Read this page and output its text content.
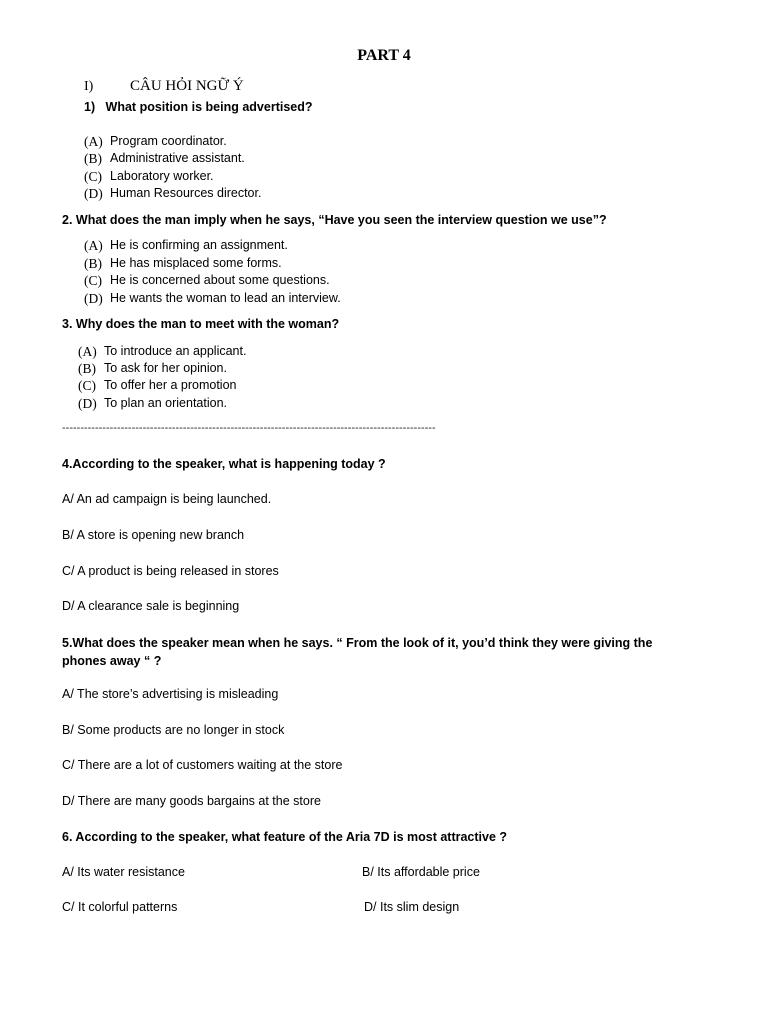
PART 4
I) CÂU HỎI NGỮ Ý
1) What position is being advertised?
(A) Program coordinator.
(B) Administrative assistant.
(C) Laboratory worker.
(D) Human Resources director.
2. What does the man imply when he says, “Have you seen the interview question we use”?
(A) He is confirming an assignment.
(B) He has misplaced some forms.
(C) He is concerned about some questions.
(D) He wants the woman to lead an interview.
3. Why does the man to meet with the woman?
(A) To introduce an applicant.
(B) To ask for her opinion.
(C) To offer her a promotion
(D) To plan an orientation.
------------------------------------------------------------------------------------------------------
4.According to the speaker, what is happening today ?
A/ An ad campaign is being launched.
B/ A store is opening new branch
C/ A product is being released in stores
D/ A clearance sale is beginning
5.What does the speaker mean when he says. “ From the look of it, you’d think they were giving the phones away “ ?
A/ The store’s advertising is misleading
B/ Some products are no longer in stock
C/ There are a lot of customers waiting at the store
D/ There are many goods bargains at the store
6. According to the speaker, what feature of the Aria 7D is most attractive ?
A/ Its water resistance	B/ Its affordable price
C/ It colorful patterns	D/ Its slim design
